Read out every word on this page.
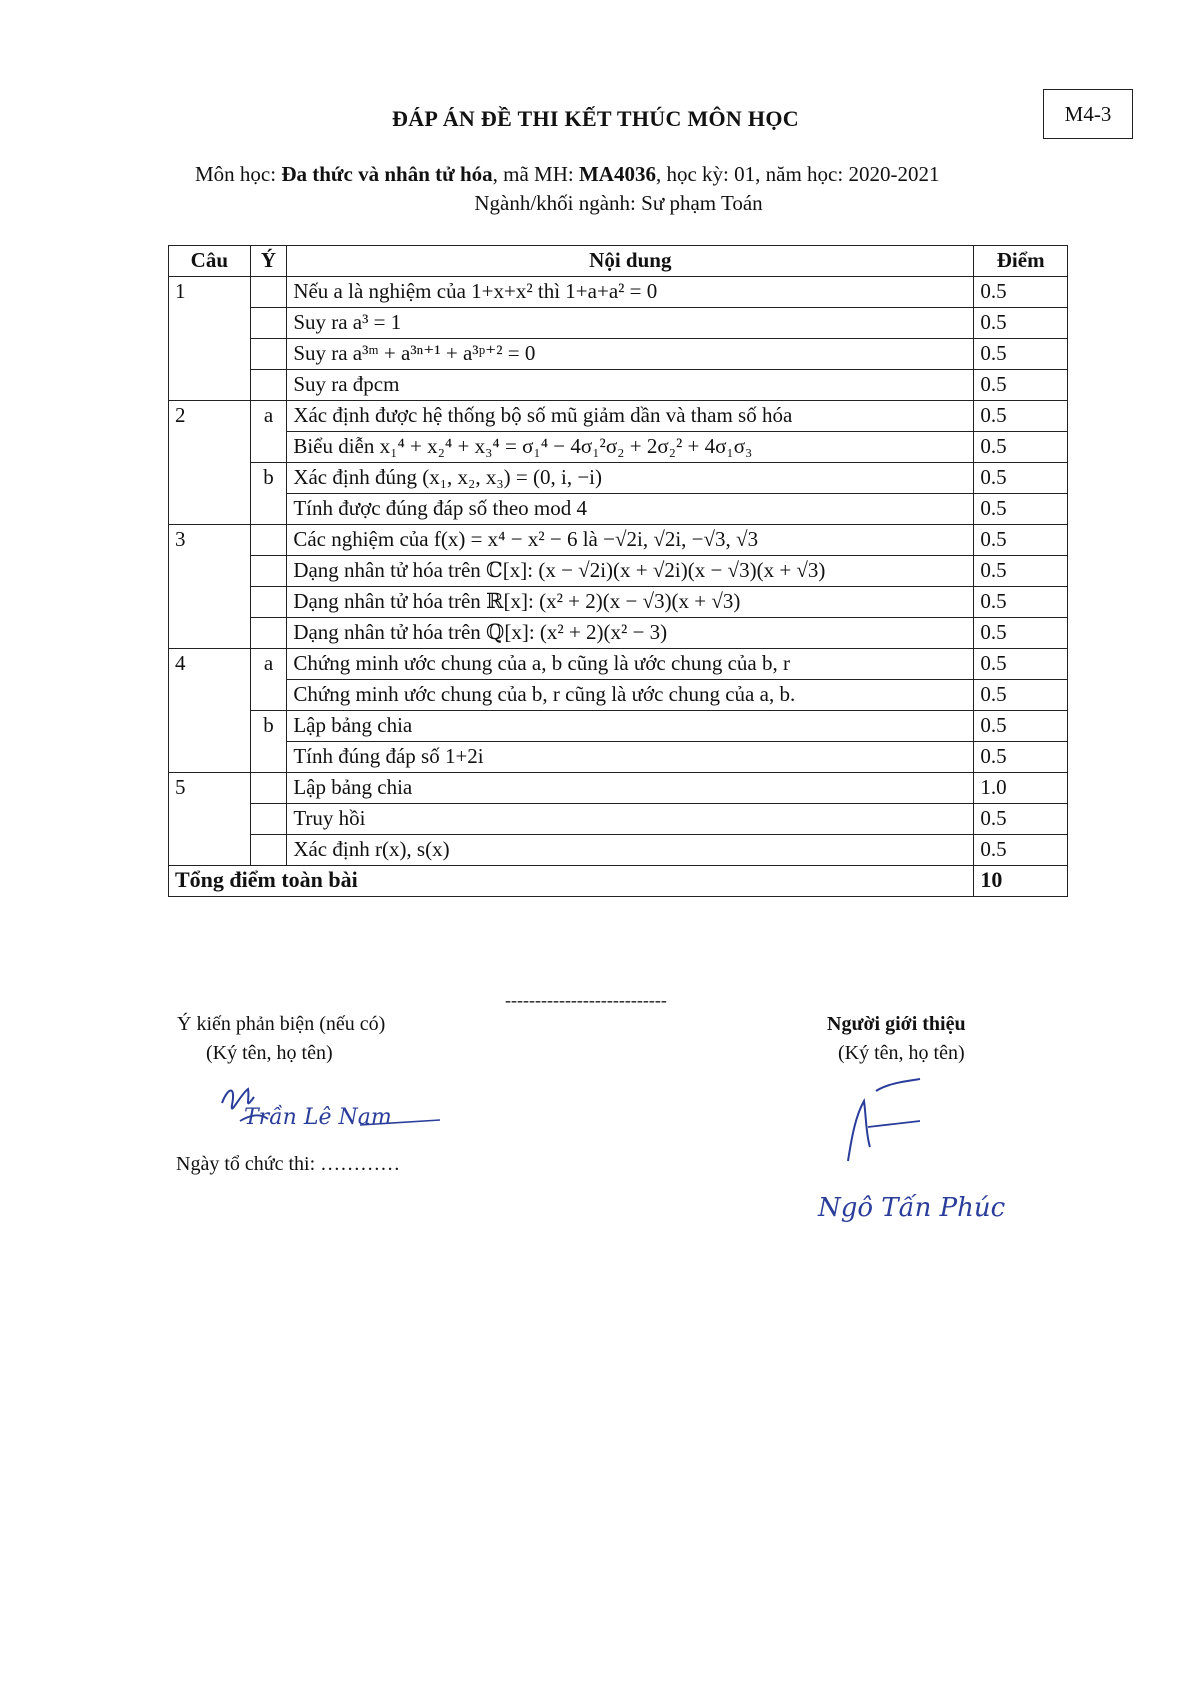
M4-3
ĐÁP ÁN ĐỀ THI KẾT THÚC MÔN HỌC
Môn học: Đa thức và nhân tử hóa, mã MH: MA4036, học kỳ: 01, năm học: 2020-2021
Ngành/khối ngành: Sư phạm Toán
Câu	Ý	Nội dung	Điểm
1		Nếu a là nghiệm của 1+x+x² thì 1+a+a² = 0	0.5
		Suy ra a³ = 1	0.5
		Suy ra a³ᵐ + a³ⁿ⁺¹ + a³ᵖ⁺² = 0	0.5
		Suy ra đpcm	0.5
2	a	Xác định được hệ thống bộ số mũ giảm dần và tham số hóa	0.5
		Biểu diễn x₁⁴ + x₂⁴ + x₃⁴ = σ₁⁴ − 4σ₁²σ₂ + 2σ₂² + 4σ₁σ₃	0.5
	b	Xác định đúng (x₁, x₂, x₃) = (0, i, −i)	0.5
		Tính được đúng đáp số theo mod 4	0.5
3		Các nghiệm của f(x) = x⁴ − x² − 6 là −√2i, √2i, −√3, √3	0.5
		Dạng nhân tử hóa trên ℂ[x]: (x − √2i)(x + √2i)(x − √3)(x + √3)	0.5
		Dạng nhân tử hóa trên ℝ[x]: (x² + 2)(x − √3)(x + √3)	0.5
		Dạng nhân tử hóa trên ℚ[x]: (x² + 2)(x² − 3)	0.5
4	a	Chứng minh ước chung của a, b cũng là ước chung của b, r	0.5
		Chứng minh ước chung của b, r cũng là ước chung của a, b.	0.5
	b	Lập bảng chia	0.5
		Tính đúng đáp số 1+2i	0.5
5		Lập bảng chia	1.0
		Truy hồi	0.5
		Xác định r(x), s(x)	0.5
Tổng điểm toàn bài			10
---------------------------
Ý kiến phản biện (nếu có)
(Ký tên, họ tên)
Trần Lê Nam
Ngày tổ chức thi: …………
Người giới thiệu
(Ký tên, họ tên)
Ngô Tấn Phúc
